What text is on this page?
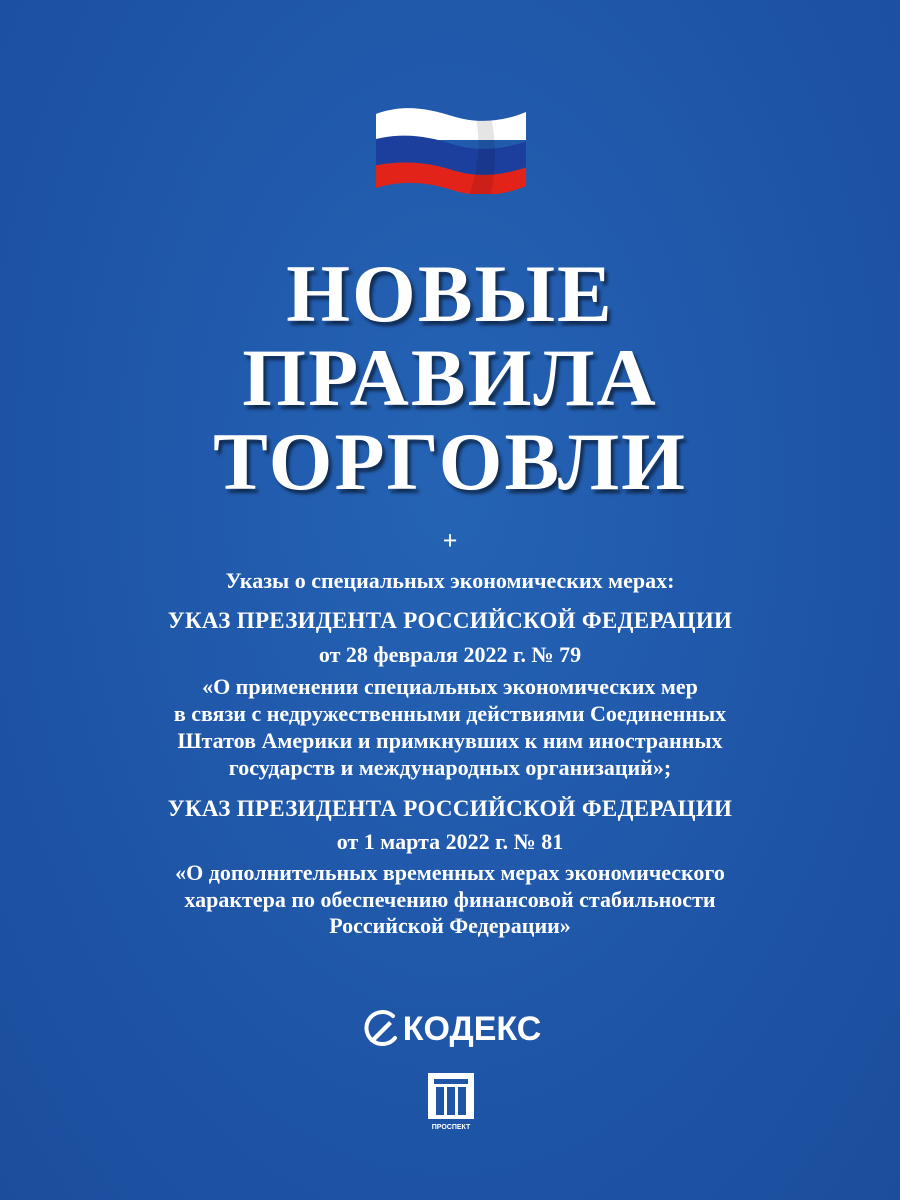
НОВЫЕ
ПРАВИЛА
ТОРГОВЛИ
+
Указы о специальных экономических мерах:
УКАЗ ПРЕЗИДЕНТА РОССИЙСКОЙ ФЕДЕРАЦИИ
от 28 февраля 2022 г. № 79
«О применении специальных экономических мер
в связи с недружественными действиями Соединенных
Штатов Америки и примкнувших к ним иностранных
государств и международных организаций»;
УКАЗ ПРЕЗИДЕНТА РОССИЙСКОЙ ФЕДЕРАЦИИ
от 1 марта 2022 г. № 81
«О дополнительных временных мерах экономического
характера по обеспечению финансовой стабильности
Российской Федерации»
КОДЕКС
ПРОСПЕКТ
